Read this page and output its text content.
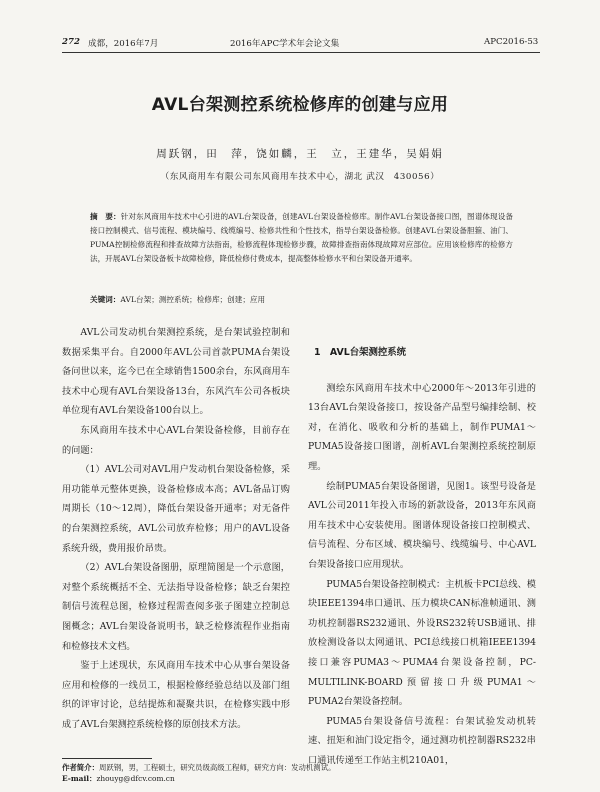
272 成都，2016年7月	2016年APC学术年会论文集	APC2016-53
AVL台架测控系统检修库的创建与应用
周跃钢，田　萍，饶如麟，王　立，王建华，吴娟娟
（东风商用车有限公司东风商用车技术中心，湖北 武汉　430056）
摘　要：针对东风商用车技术中心引进的AVL台架设备，创建AVL台架设备检修库。制作AVL台架设备接口图，图谱体现设备接口控制模式、信号流程、模块编号、线缆编号、检修共性和个性技术，指导台架设备检修。创建AVL台架设备胆箍、油门、PUMA控制检修流程和排查故障方法指南，检修流程体现检修步骤，故障排查指南体现故障对应部位。应用该检修库的检修方法，开展AVL台架设备板卡故障检修，降低检修付费成本，提高整体检修水平和台架设备开通率。
关键词：AVL台架；测控系统；检修库；创建；应用

AVL公司发动机台架测控系统，是台架试验控制和数据采集平台。自2000年AVL公司首款PUMA台架设备问世以来，迄今已在全球销售1500余台，东风商用车技术中心现有AVL台架设备13台，东风汽车公司各板块单位现有AVL台架设备100台以上。

东风商用车技术中心AVL台架设备检修，目前存在的问题：

（1）AVL公司对AVL用户发动机台架设备检修，采用功能单元整体更换，设备检修成本高；AVL备品订购周期长（10～12周），降低台架设备开通率；对无备件的台架测控系统，AVL公司放弃检修；用户的AVL设备系统升级，费用报价昂贵。

（2）AVL台架设备图册，原理简图是一个示意图，对整个系统概括不全、无法指导设备检修；缺乏台架控制信号流程总图，检修过程需查阅多张子图建立控制总图概念；AVL台架设备说明书，缺乏检修流程作业指南和检修技术文档。

鉴于上述现状，东风商用车技术中心从事台架设备应用和检修的一线员工，根据检修经验总结以及部门组织的评审讨论，总结提炼和凝聚共识，在检修实践中形成了AVL台架测控系统检修的原创技术方法。

1　AVL台架测控系统

测绘东风商用车技术中心2000年～2013年引进的13台AVL台架设备接口，按设备产品型号编排绘制、校对，在消化、吸收和分析的基础上，制作PUMA1～PUMA5设备接口图谱，剖析AVL台架测控系统控制原理。

绘制PUMA5台架设备图谱，见图1。该型号设备是AVL公司2011年投入市场的新款设备，2013年东风商用车技术中心安装使用。图谱体现设备接口控制模式、信号流程、分布区域、模块编号、线缆编号、中心AVL台架设备接口应用现状。

PUMA5台架设备控制模式：主机板卡PCI总线、模块IEEE1394串口通讯、压力模块CAN标准帧通讯、测功机控制器RS232通讯、外设RS232转USB通讯、排放检测设备以太网通讯、PCI总线接口机箱IEEE1394接口兼容PUMA3～PUMA4台架设备控制，PC-MULTILINK-BOARD预留接口升级PUMA1～PUMA2台架设备控制。

PUMA5台架设备信号流程：台架试验发动机转速、扭矩和油门设定指令，通过测功机控制器RS232串口通讯传递至工作站主机210A01，

作者简介：周跃钢，男，工程硕士，研究员级高级工程师，研究方向：发动机测试。
E-mail：zhouyg@dfcv.com.cn
